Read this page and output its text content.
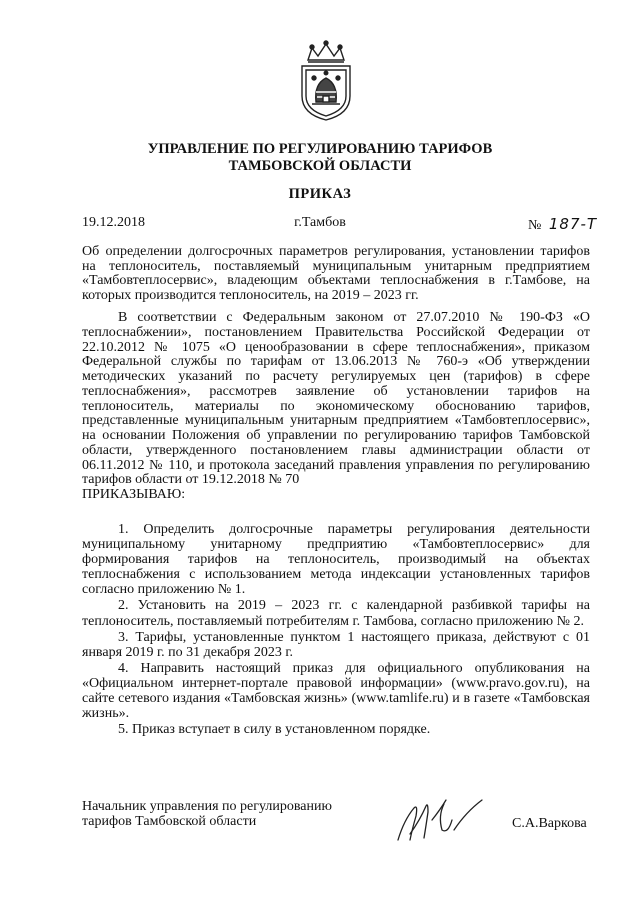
УПРАВЛЕНИЕ ПО РЕГУЛИРОВАНИЮ ТАРИФОВ
ТАМБОВСКОЙ ОБЛАСТИ
ПРИКАЗ
19.12.2018	г.Тамбов	№ 187-Т
Об определении долгосрочных параметров регулирования, установлении тарифов на теплоноситель, поставляемый муниципальным унитарным предприятием «Тамбовтеплосервис», владеющим объектами теплоснабжения в г.Тамбове, на которых производится теплоноситель, на 2019 – 2023 гг.

В соответствии с Федеральным законом от 27.07.2010 № 190-ФЗ «О теплоснабжении», постановлением Правительства Российской Федерации от 22.10.2012 № 1075 «О ценообразовании в сфере теплоснабжения», приказом Федеральной службы по тарифам от 13.06.2013 № 760-э «Об утверждении методических указаний по расчету регулируемых цен (тарифов) в сфере теплоснабжения», рассмотрев заявление об установлении тарифов на теплоноситель, материалы по экономическому обоснованию тарифов, представленные муниципальным унитарным предприятием «Тамбовтеплосервис», на основании Положения об управлении по регулированию тарифов Тамбовской области, утвержденного постановлением главы администрации области от 06.11.2012 № 110, и протокола заседаний правления управления по регулированию тарифов области от 19.12.2018 № 70

ПРИКАЗЫВАЮ:

1. Определить долгосрочные параметры регулирования деятельности муниципальному унитарному предприятию «Тамбовтеплосервис» для формирования тарифов на теплоноситель, производимый на объектах теплоснабжения с использованием метода индексации установленных тарифов согласно приложению № 1.

2. Установить на 2019 – 2023 гг. с календарной разбивкой тарифы на теплоноситель, поставляемый потребителям г. Тамбова, согласно приложению № 2.

3. Тарифы, установленные пунктом 1 настоящего приказа, действуют с 01 января 2019 г. по 31 декабря 2023 г.

4. Направить настоящий приказ для официального опубликования на «Официальном интернет-портале правовой информации» (www.pravo.gov.ru), на сайте сетевого издания «Тамбовская жизнь» (www.tamlife.ru) и в газете «Тамбовская жизнь».

5. Приказ вступает в силу в установленном порядке.

Начальник управления по регулированию
тарифов Тамбовской области	С.А.Варкова
